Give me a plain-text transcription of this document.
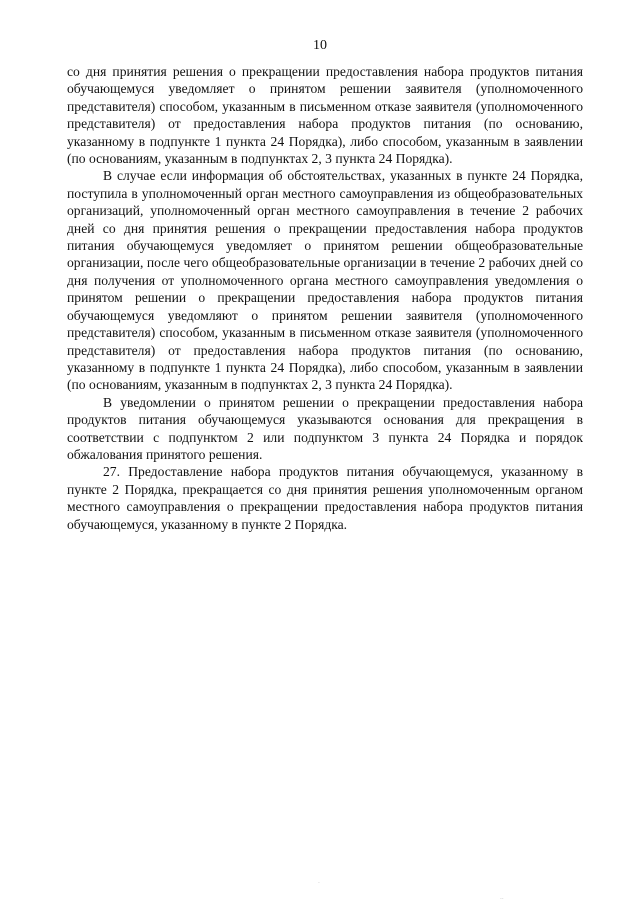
10

со дня принятия решения о прекращении предоставления набора продуктов питания обучающемуся уведомляет о принятом решении заявителя (уполномоченного представителя) способом, указанным в письменном отказе заявителя (уполномоченного представителя) от предоставления набора продуктов питания (по основанию, указанному в подпункте 1 пункта 24 Порядка), либо способом, указанным в заявлении (по основаниям, указанным в подпунктах 2, 3 пункта 24 Порядка).

В случае если информация об обстоятельствах, указанных в пункте 24 Порядка, поступила в уполномоченный орган местного самоуправления из общеобразовательных организаций, уполномоченный орган местного самоуправления в течение 2 рабочих дней со дня принятия решения о прекращении предоставления набора продуктов питания обучающемуся уведомляет о принятом решении общеобразовательные организации, после чего общеобразовательные организации в течение 2 рабочих дней со дня получения от уполномоченного органа местного самоуправления уведомления о принятом решении о прекращении предоставления набора продуктов питания обучающемуся уведомляют о принятом решении заявителя (уполномоченного представителя) способом, указанным в письменном отказе заявителя (уполномоченного представителя) от предоставления набора продуктов питания (по основанию, указанному в подпункте 1 пункта 24 Порядка), либо способом, указанным в заявлении (по основаниям, указанным в подпунктах 2, 3 пункта 24 Порядка).

В уведомлении о принятом решении о прекращении предоставления набора продуктов питания обучающемуся указываются основания для прекращения в соответствии с подпунктом 2 или подпунктом 3 пункта 24 Порядка и порядок обжалования принятого решения.

27. Предоставление набора продуктов питания обучающемуся, указанному в пункте 2 Порядка, прекращается со дня принятия решения уполномоченным органом местного самоуправления о прекращении предоставления набора продуктов питания обучающемуся, указанному в пункте 2 Порядка.

·
··
